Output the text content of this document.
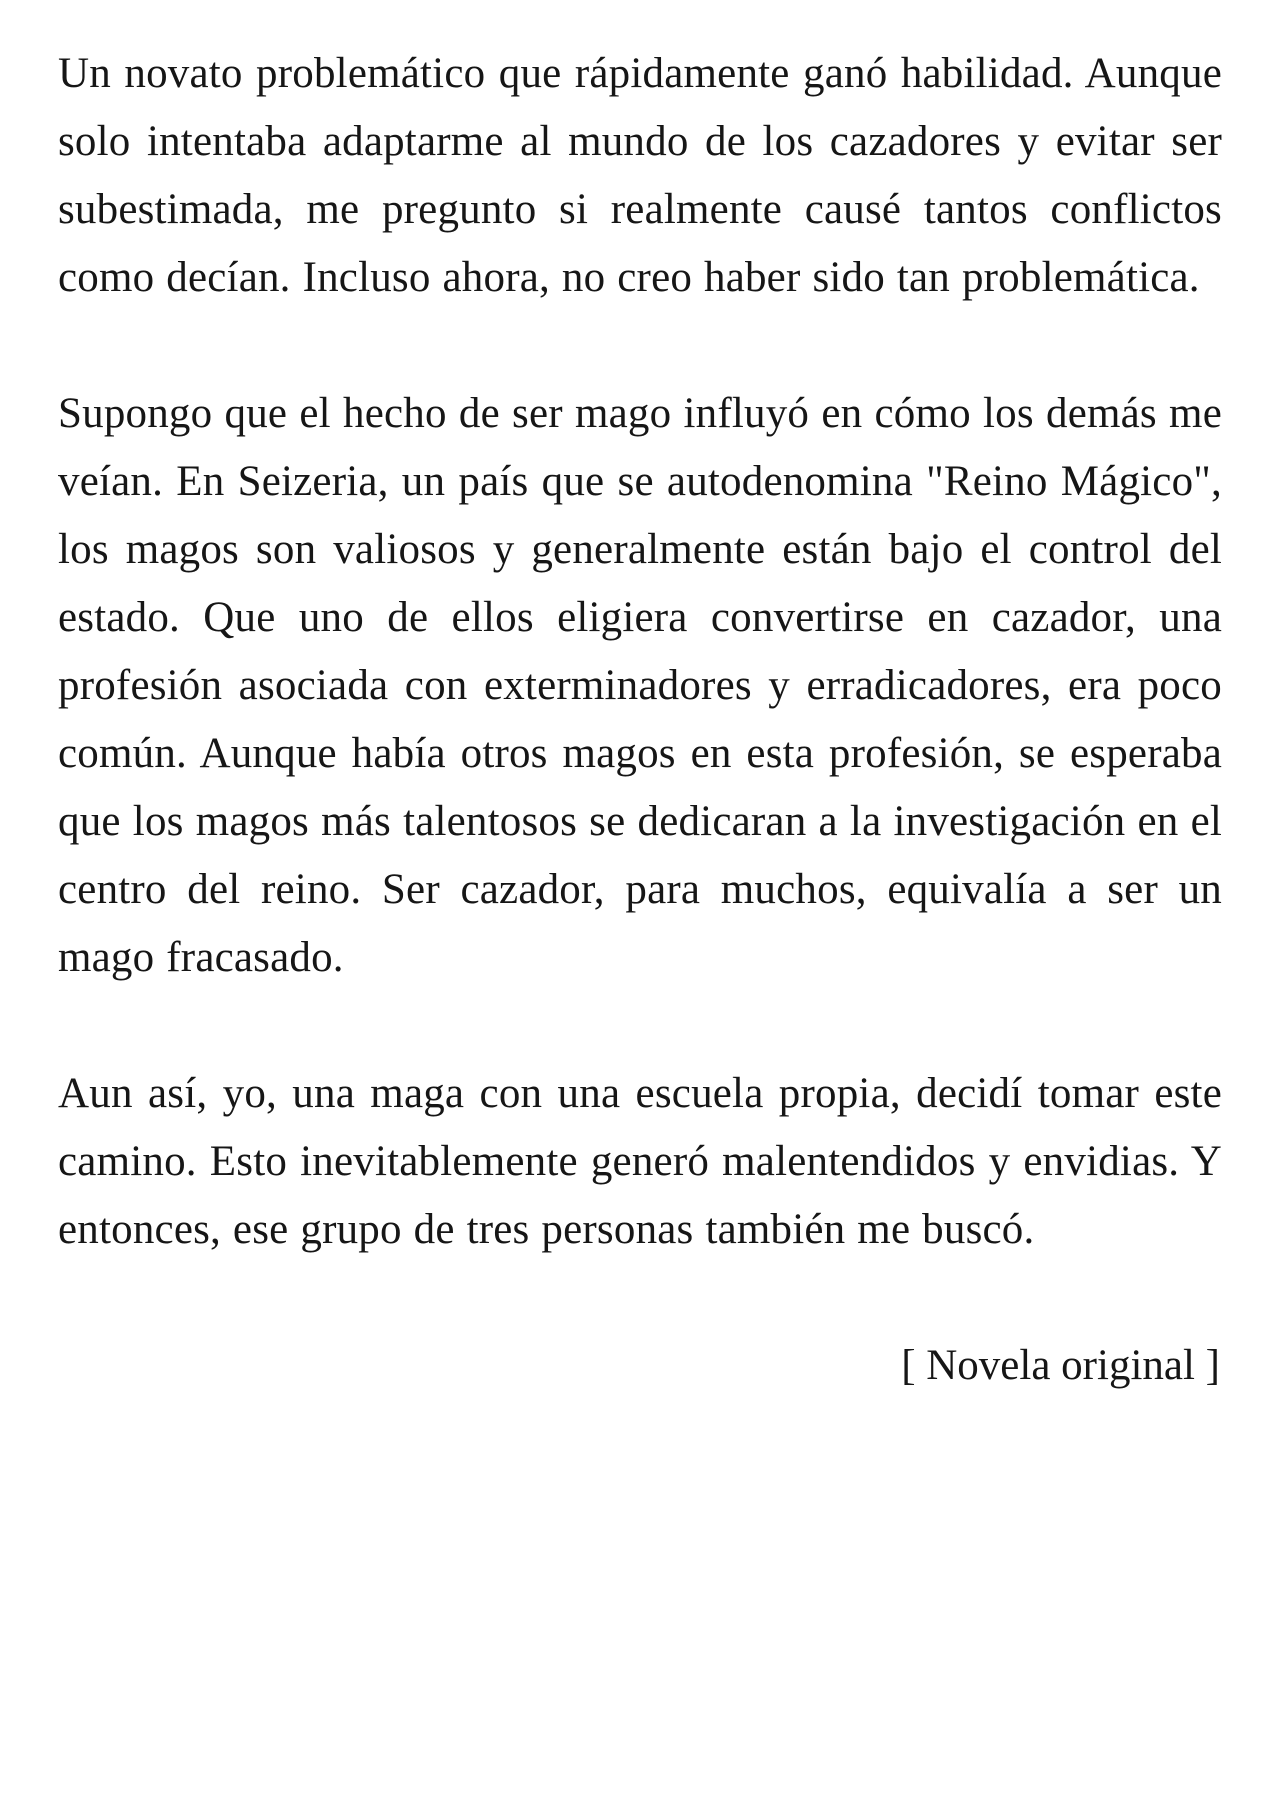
Un novato problemático que rápidamente ganó habilidad. Aunque solo intentaba adaptarme al mundo de los cazadores y evitar ser subestimada, me pregunto si realmente causé tantos conflictos como decían. Incluso ahora, no creo haber sido tan problemática.

Supongo que el hecho de ser mago influyó en cómo los demás me veían. En Seizeria, un país que se autodenomina "Reino Mágico", los magos son valiosos y generalmente están bajo el control del estado. Que uno de ellos eligiera convertirse en cazador, una profesión asociada con exterminadores y erradicadores, era poco común. Aunque había otros magos en esta profesión, se esperaba que los magos más talentosos se dedicaran a la investigación en el centro del reino. Ser cazador, para muchos, equivalía a ser un mago fracasado.

Aun así, yo, una maga con una escuela propia, decidí tomar este camino. Esto inevitablemente generó malentendidos y envidias. Y entonces, ese grupo de tres personas también me buscó.

[ Novela original ]
